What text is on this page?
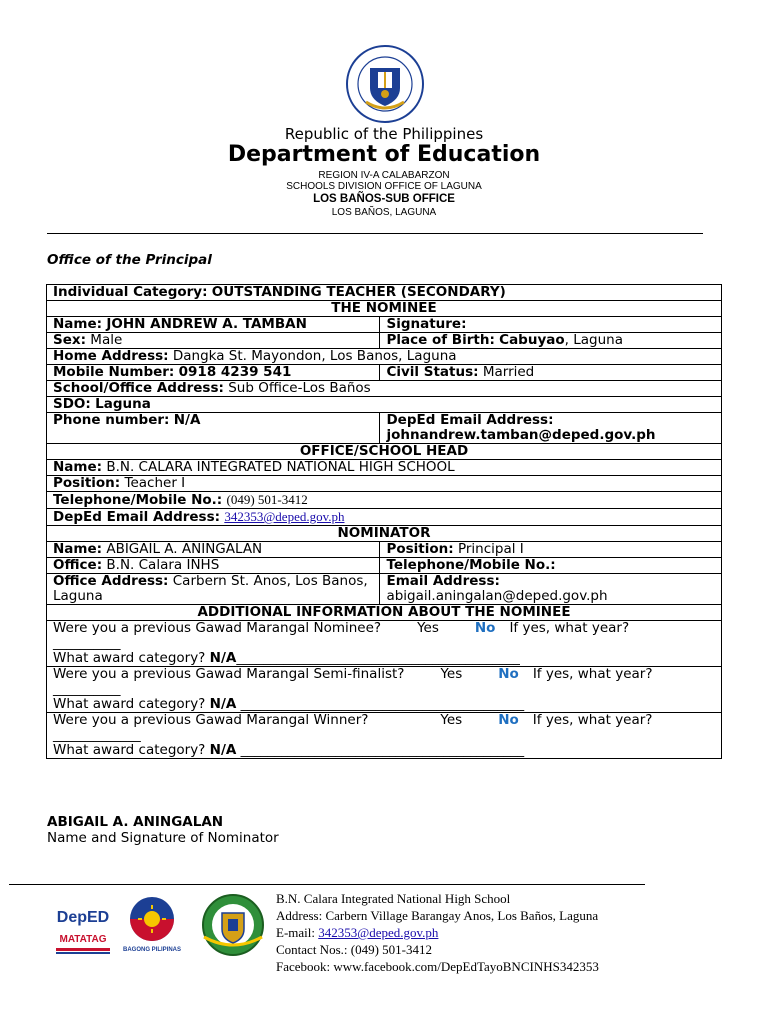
Republic of the Philippines
Department of Education
REGION IV-A CALABARZON
SCHOOLS DIVISION OFFICE OF LAGUNA
LOS BAÑOS-SUB OFFICE
LOS BAÑOS, LAGUNA
Office of the Principal
Individual Category: OUTSTANDING TEACHER (SECONDARY)	
THE NOMINEE	
Name: JOHN ANDREW A. TAMBAN	Signature:
Sex: Male	Place of Birth: Cabuyao, Laguna
Home Address: Dangka St. Mayondon, Los Banos, Laguna	
Mobile Number: 0918 4239 541	Civil Status: Married
School/Office Address: Sub Office-Los Baños	
SDO: Laguna	
Phone number: N/A	DepEd Email Address:
johnandrew.tamban@deped.gov.ph

OFFICE/SCHOOL HEAD	
Name: B.N. CALARA INTEGRATED NATIONAL HIGH SCHOOL	
Position: Teacher I	
Telephone/Mobile No.: (049) 501-3412	
DepEd Email Address: 342353@deped.gov.ph	
NOMINATOR	
Name: ABIGAIL A. ANINGALAN	Position: Principal I
Office: B.N. Calara INHS	Telephone/Mobile No.:
Office Address: Carbern St. Anos, Los Banos, Laguna	Email Address:
abigail.aningalan@deped.gov.ph

ADDITIONAL INFORMATION ABOUT THE NOMINEE	

Were you a previous Gawad Marangal Nominee? Yes No If yes, what year?
__________
What award category? N/A__________________________________________	

Were you a previous Gawad Marangal Semi-finalist? Yes No If yes, what year?
__________
What award category? N/A __________________________________________	

Were you a previous Gawad Marangal Winner? Yes No If yes, what year?
_____________
What award category? N/A __________________________________________	
ABIGAIL A. ANINGALAN
Name and Signature of Nominator
DepED
MATATAG
BAGONG PILIPINAS
B.N. Calara Integrated National High School
Address: Carbern Village Barangay Anos, Los Baños, Laguna
E-mail: 342353@deped.gov.ph
Contact Nos.: (049) 501-3412
Facebook: www.facebook.com/DepEdTayoBNCINHS342353
